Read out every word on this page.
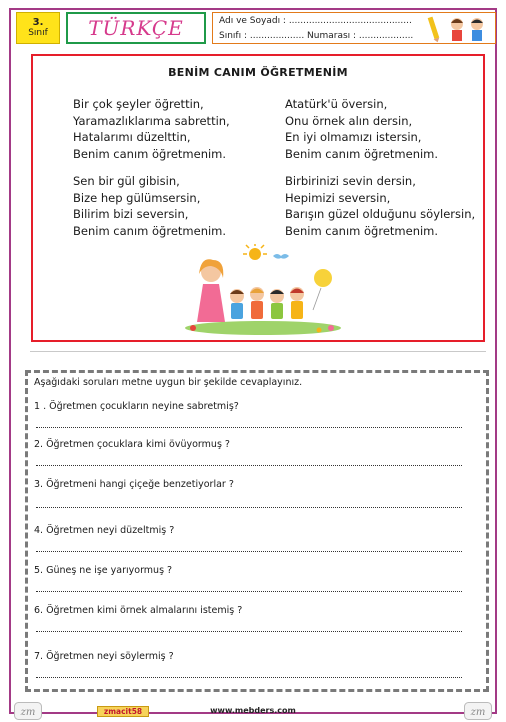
3.
Sınıf	TÜRKÇE	Adı ve Soyadı : ...........................................
Sınıfı : ................... Numarası : ...................
BENİM CANIM ÖĞRETMENİM
Bir çok şeyler öğrettin,
Yaramazlıklarıma sabrettin,
Hatalarımı düzelttin,
Benim canım öğretmenim.
Sen bir gül gibisin,
Bize hep gülümsersin,
Bilirim bizi seversin,
Benim canım öğretmenim.
Atatürk'ü översin,
Onu örnek alın dersin,
En iyi olmamızı istersin,
Benim canım öğretmenim.
Birbirinizi sevin dersin,
Hepimizi seversin,
Barışın güzel olduğunu söylersin,
Benim canım öğretmenim.
Aşağıdaki soruları metne uygun bir şekilde cevaplayınız.
1 . Öğretmen çocukların neyine sabretmiş?
2. Öğretmen çocuklara kimi övüyormuş ?
3. Öğretmeni hangi çiçeğe benzetiyorlar ?
4. Öğretmen neyi düzeltmiş ?
5. Güneş ne işe yarıyormuş ?
6. Öğretmen kimi örnek almalarını istemiş ?
7. Öğretmen neyi söylermiş ?
zm	zmacit58	www.mebders.com	zm
